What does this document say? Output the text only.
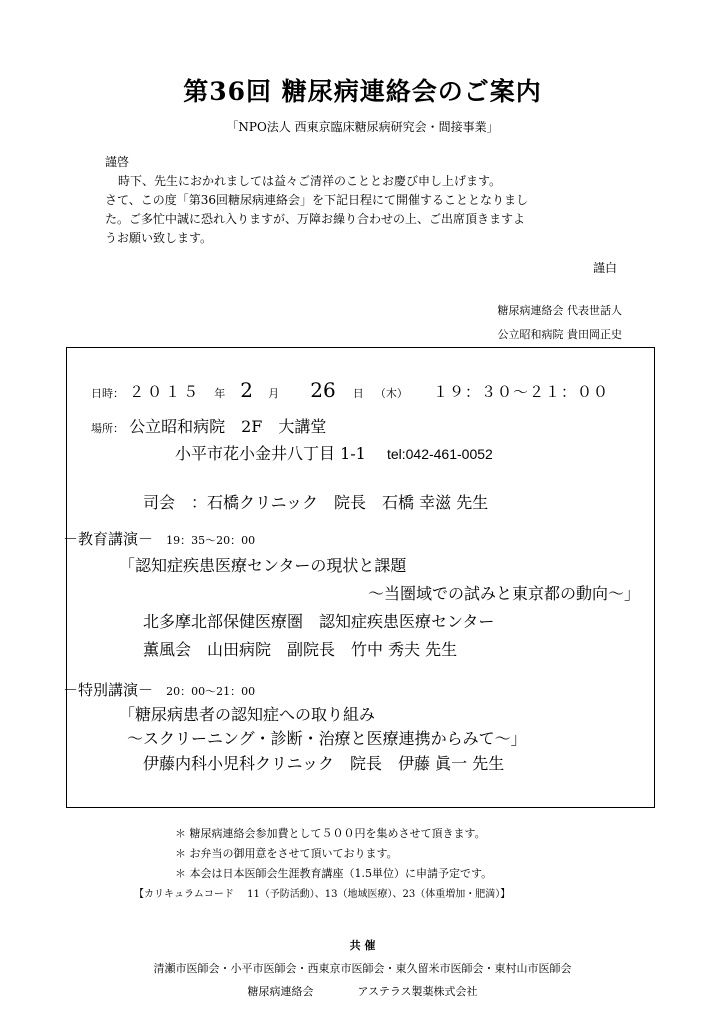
第36回 糖尿病連絡会のご案内
「NPO法人 西東京臨床糖尿病研究会・間接事業」
謹啓
時下、先生におかれましては益々ご清祥のこととお慶び申し上げます。
さて、この度「第36回糖尿病連絡会」を下記日程にて開催することとなりまし
た。ご多忙中誠に恐れ入りますが、万障お繰り合わせの上、ご出席頂きますよ
うお願い致します。
謹白
糖尿病連絡会 代表世話人
公立昭和病院 貴田岡正史
日時： ２０１５ 年 2 月 26 日 （木） １９：３０～２１：００
場所： 公立昭和病院　2F　大講堂
小平市花小金井八丁目 1-1 tel:042-461-0052
司会　：石橋クリニック　院長　石橋 幸滋 先生
－教育講演－ 19：35～20：00
「認知症疾患医療センターの現状と課題
～当圏域での試みと東京都の動向～」
北多摩北部保健医療圏　認知症疾患医療センター
薫風会　山田病院　副院長　竹中 秀夫 先生
－特別講演－ 20：00～21：00
「糖尿病患者の認知症への取り組み
～スクリーニング・診断・治療と医療連携からみて～」
伊藤内科小児科クリニック　院長　伊藤 眞一 先生
＊ 糖尿病連絡会参加費として５００円を集めさせて頂きます。
＊ お弁当の御用意をさせて頂いております。
＊ 本会は日本医師会生涯教育講座（1.5単位）に申請予定です。
【カリキュラムコード　 11（予防活動）、13（地域医療）、23（体重増加・肥満）】
共 催
清瀬市医師会・小平市医師会・西東京市医師会・東久留米市医師会・東村山市医師会
糖尿病連絡会　　　　アステラス製薬株式会社
